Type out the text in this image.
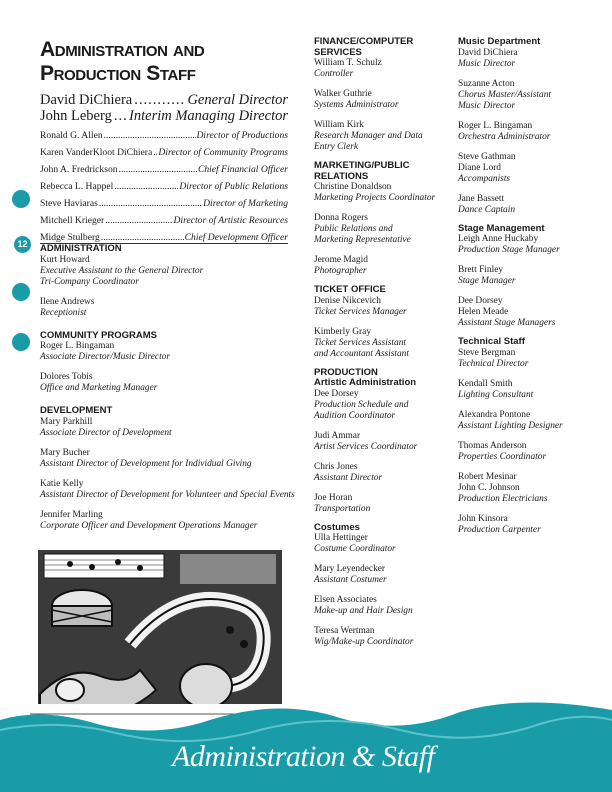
Administration and
Production Staff
David DiChiera .....	General Director
John Leberg ..... Interim Managing Director
Ronald G. Allen .....	Director of Productions
Karen VanderKloot DiChiera ..... Director of Community Programs
John A. Fredrickson .....	Chief Financial Officer
Rebecca L. Happel .....	Director of Public Relations
Steve Haviaras .....	Director of Marketing
Mitchell Krieger .....	Director of Artistic Resources
Midge Stulberg .....	Chief Development Officer
12	ADMINISTRATION
Kurt Howard
Executive Assistant to the General Director
Tri-Company Coordinator
Ilene Andrews
Receptionist
COMMUNITY PROGRAMS
Roger L. Bingaman
Associate Director/Music Director
Dolores Tobis
Office and Marketing Manager
DEVELOPMENT
Mary Parkhill
Associate Director of Development
Mary Bucher
Assistant Director of Development for Individual Giving
Katie Kelly
Assistant Director of Development for Volunteer and Special Events
Jennifer Marling
Corporate Officer and Development Operations Manager
FINANCE/COMPUTER
SERVICES
William T. Schulz
Controller
Walker Guthrie
Systems Administrator
William Kirk
Research Manager and Data
Entry Clerk
MARKETING/PUBLIC
RELATIONS
Christine Donaldson
Marketing Projects Coordinator
Donna Rogers
Public Relations and
Marketing Representative
Jerome Magid
Photographer
TICKET OFFICE
Denise Nikcevich
Ticket Services Manager
Kimberly Gray
Ticket Services Assistant
and Accountant Assistant
PRODUCTION
Artistic Administration
Dee Dorsey
Production Schedule and
Audition Coordinator
Judi Ammar
Artist Services Coordinator
Chris Jones
Assistant Director
Joe Horan
Transportation
Costumes
Ulla Hettinger
Costume Coordinator
Mary Leyendecker
Assistant Costumer
Elsen Associates
Make-up and Hair Design
Teresa Wertman
Wig/Make-up Coordinator
Music Department
David DiChiera
Music Director
Suzanne Acton
Chorus Master/Assistant
Music Director
Roger L. Bingaman
Orchestra Administrator
Steve Gathman
Diane Lord
Accompanists
Jane Bassett
Dance Captain
Stage Management
Leigh Anne Huckaby
Production Stage Manager
Brett Finley
Stage Manager
Dee Dorsey
Helen Meade
Assistant Stage Managers
Technical Staff
Steve Bergman
Technical Director
Kendall Smith
Lighting Consultant
Alexandra Pontone
Assistant Lighting Designer
Thomas Anderson
Properties Coordinator
Robert Mesinar
John C. Johnson
Production Electricians
John Kinsora
Production Carpenter
Administration & Staff
